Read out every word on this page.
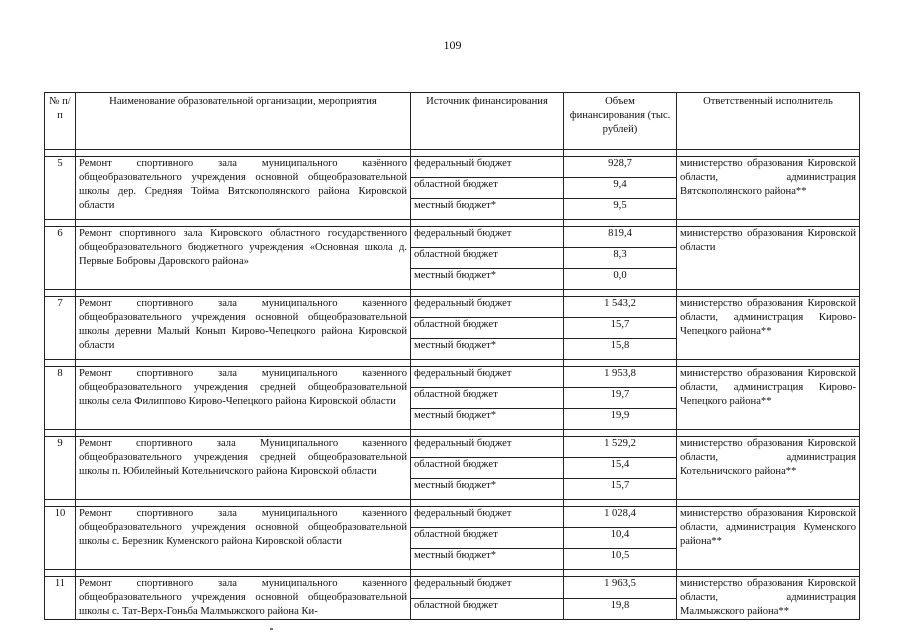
109
№ п/п	Наименование образовательной организации, мероприятия	Источник финансирования	Объем финансирования (тыс. рублей)	Ответственный исполнитель

5	Ремонт спортивного зала муниципального казённого общеобразовательного учреждения основной общеобразовательной школы дер. Средняя Тойма Вятскополянского района Кировской области	федеральный бюджет	928,7	министерство образования Кировской области, администрация Вятскополянского района**
		областной бюджет	9,4	
		местный бюджет*	9,5	

6	Ремонт спортивного зала Кировского областного государственного общеобразовательного бюджетного учреждения «Основная школа д. Первые Бобровы Даровского района»	федеральный бюджет	819,4	министерство образования Кировской области
		областной бюджет	8,3	
		местный бюджет*	0,0	

7	Ремонт спортивного зала муниципального казенного общеобразовательного учреждения основной общеобразовательной школы деревни Малый Конып Кирово-Чепецкого района Кировской области	федеральный бюджет	1 543,2	министерство образования Кировской области, администрация Кирово-Чепецкого района**
		областной бюджет	15,7	
		местный бюджет*	15,8	

8	Ремонт спортивного зала муниципального казенного общеобразовательного учреждения средней общеобразовательной школы села Филиппово Кирово-Чепецкого района Кировской области	федеральный бюджет	1 953,8	министерство образования Кировской области, администрация Кирово-Чепецкого района**
		областной бюджет	19,7	
		местный бюджет*	19,9	

9	Ремонт спортивного зала Муниципального казенного общеобразовательного учреждения средней общеобразовательной школы п. Юбилейный Котельничского района Кировской области	федеральный бюджет	1 529,2	министерство образования Кировской области, администрация Котельничского района**
		областной бюджет	15,4	
		местный бюджет*	15,7	

10	Ремонт спортивного зала муниципального казенного общеобразовательного учреждения основной общеобразовательной школы с. Березник Куменского района Кировской области	федеральный бюджет	1 028,4	министерство образования Кировской области, администрация Куменского района**
		областной бюджет	10,4	
		местный бюджет*	10,5	

11	Ремонт спортивного зала муниципального казенного общеобразовательного учреждения основной общеобразовательной школы с. Тат-Верх-Гоньба Малмыжского района Ки-	федеральный бюджет	1 963,5	министерство образования Кировской области, администрация Малмыжского района**
		областной бюджет	19,8	
